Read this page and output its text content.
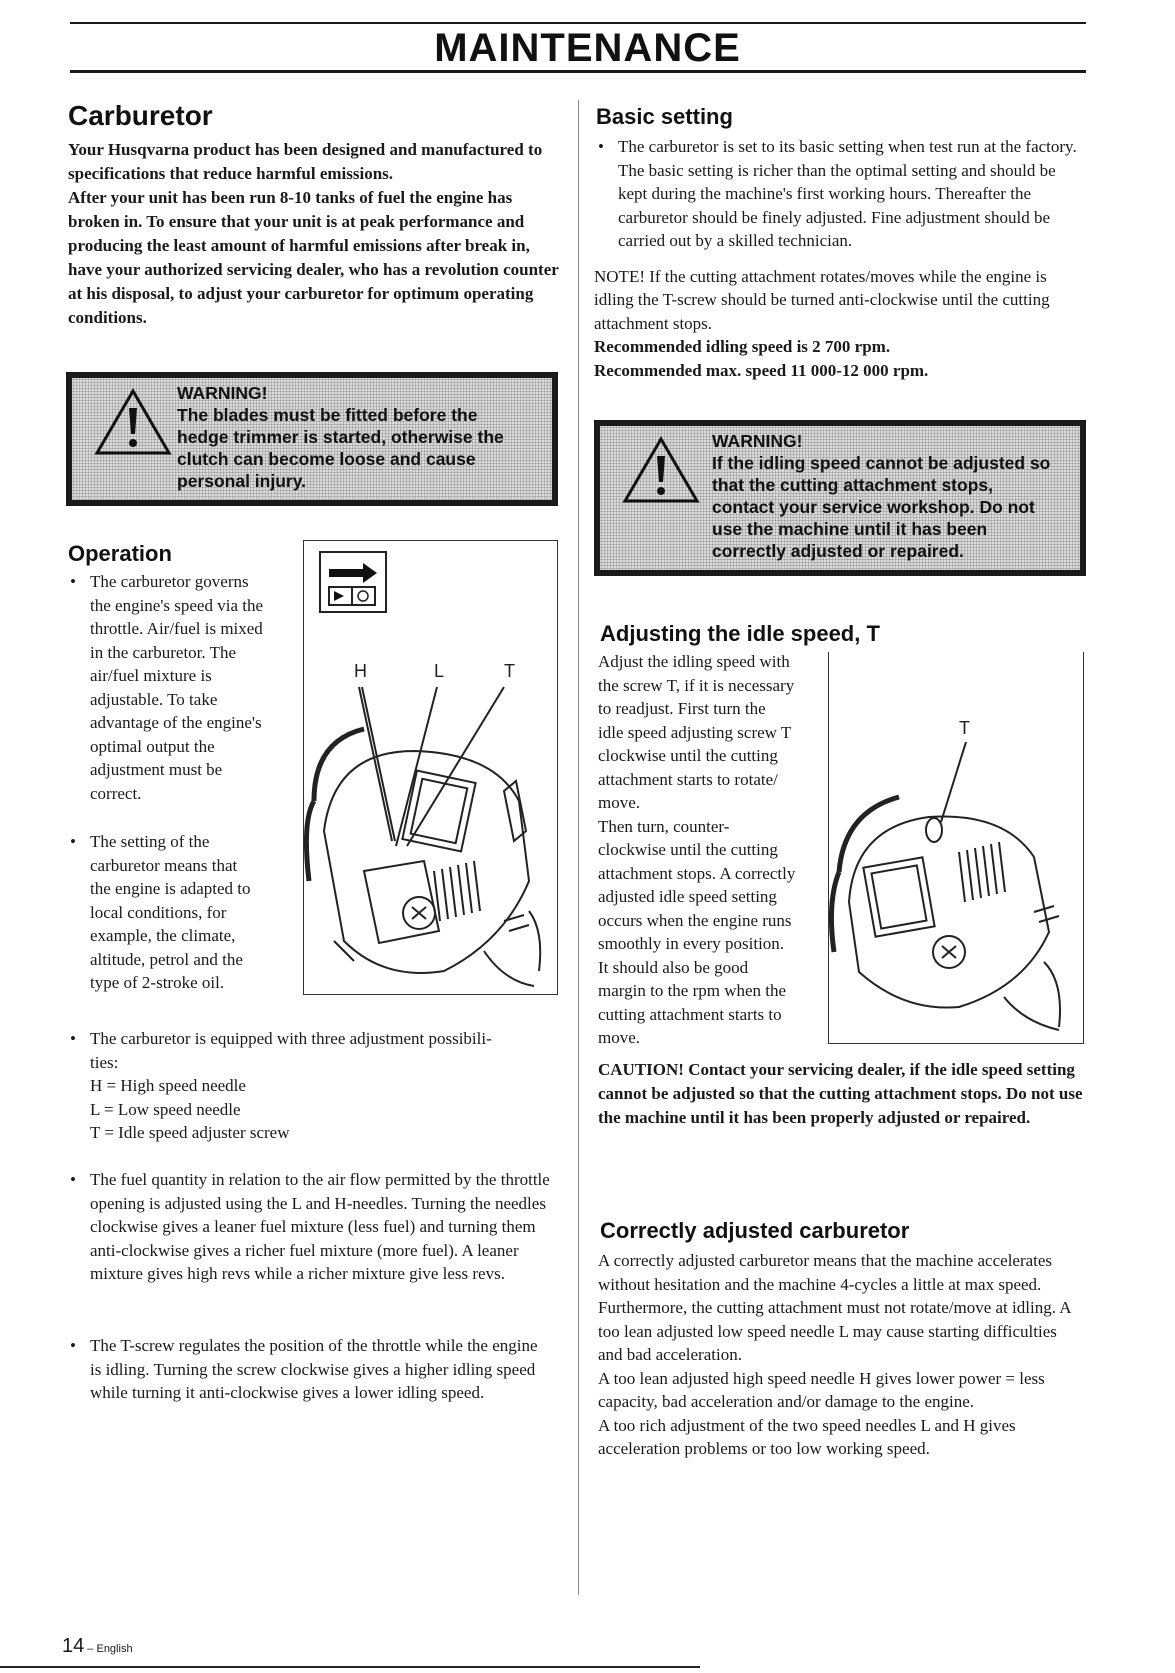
MAINTENANCE
Carburetor

Your Husqvarna product has been designed and manufactured to specifications that reduce harmful emissions.

After your unit has been run 8-10 tanks of fuel the engine has broken in. To ensure that your unit is at peak performance and producing the least amount of harmful emissions after break in, have your authorized servicing dealer, who has a revolution counter at his disposal, to adjust your carburetor for optimum operating conditions.

WARNING!
The blades must be fitted before the
hedge trimmer is started, otherwise the
clutch can become loose and cause
personal injury.
Operation
• The carburetor governs
the engine's speed via the
throttle. Air/fuel is mixed
in the carburetor. The
air/fuel mixture is
adjustable. To take
advantage of the engine's
optimal output the
adjustment must be
correct.
• The setting of the
carburetor means that
the engine is adapted to
local conditions, for
example, the climate,
altitude, petrol and the
type of 2-stroke oil.
H	L	T
• The carburetor is equipped with three adjustment possibili-
ties:
H = High speed needle
L = Low speed needle
T = Idle speed adjuster screw

• The fuel quantity in relation to the air flow permitted by the throttle opening is adjusted using the L and H-needles. Turning the needles clockwise gives a leaner fuel mixture (less fuel) and turning them anti-clockwise gives a richer fuel mixture (more fuel). A leaner mixture gives high revs while a richer mixture give less revs.

• The T-screw regulates the position of the throttle while the engine is idling. Turning the screw clockwise gives a higher idling speed while turning it anti-clockwise gives a lower idling speed.

Basic setting

• The carburetor is set to its basic setting when test run at the factory. The basic setting is richer than the optimal setting and should be kept during the machine's first working hours. Thereafter the carburetor should be finely adjusted. Fine adjustment should be carried out by a skilled technician.

NOTE! If the cutting attachment rotates/moves while the engine is idling the T-screw should be turned anti-clockwise until the cutting attachment stops.

Recommended idling speed is 2 700 rpm.

Recommended max. speed 11 000-12 000 rpm.

WARNING!
If the idling speed cannot be adjusted so
that the cutting attachment stops,
contact your service workshop. Do not
use the machine until it has been
correctly adjusted or repaired.
Adjusting the idle speed, T
Adjust the idling speed with
the screw T, if it is necessary
to readjust. First turn the
idle speed adjusting screw T
clockwise until the cutting
attachment starts to rotate/
move.
Then turn, counter-
clockwise until the cutting
attachment stops. A correctly
adjusted idle speed setting
occurs when the engine runs
smoothly in every position.
It should also be good
margin to the rpm when the
cutting attachment starts to
move.
T

CAUTION! Contact your servicing dealer, if the idle speed setting cannot be adjusted so that the cutting attachment stops. Do not use the machine until it has been properly adjusted or repaired.

Correctly adjusted carburetor

A correctly adjusted carburetor means that the machine accelerates without hesitation and the machine 4-cycles a little at max speed. Furthermore, the cutting attachment must not rotate/move at idling. A too lean adjusted low speed needle L may cause starting difficulties and bad acceleration.

A too lean adjusted high speed needle H gives lower power = less capacity, bad acceleration and/or damage to the engine.

A too rich adjustment of the two speed needles L and H gives acceleration problems or too low working speed.

14 – English
